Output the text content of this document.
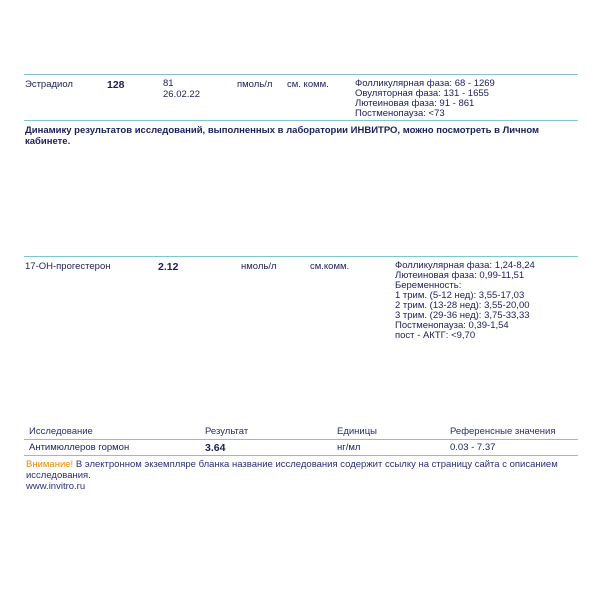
Эстрадиол	128	81
26.02.22
пмоль/л см. комм.	Фолликулярная фаза: 68 - 1269
Овуляторная фаза: 131 - 1655
Лютеиновая фаза: 91 - 861
Постменопауза: <73
Динамику результатов исследований, выполненных в лаборатории ИНВИТРО, можно посмотреть в Личном кабинете.
17-ОН-прогестерон	2.12	нмоль/л	см.комм.	Фолликулярная фаза: 1,24-8,24
Лютеиновая фаза: 0,99-11,51
Беременность:
1 трим. (5-12 нед): 3,55-17,03
2 трим. (13-28 нед): 3,55-20,00
3 трим. (29-36 нед): 3,75-33,33
Постменопауза: 0,39-1,54
пост - АКТГ: <9,70
Исследование	Результат	Единицы	Референсные значения
Антимюллеров гормон	3.64	нг/мл	0.03 - 7.37
Внимание! В электронном экземпляре бланка название исследования содержит ссылку на страницу сайта с описанием исследования.
www.invitro.ru
